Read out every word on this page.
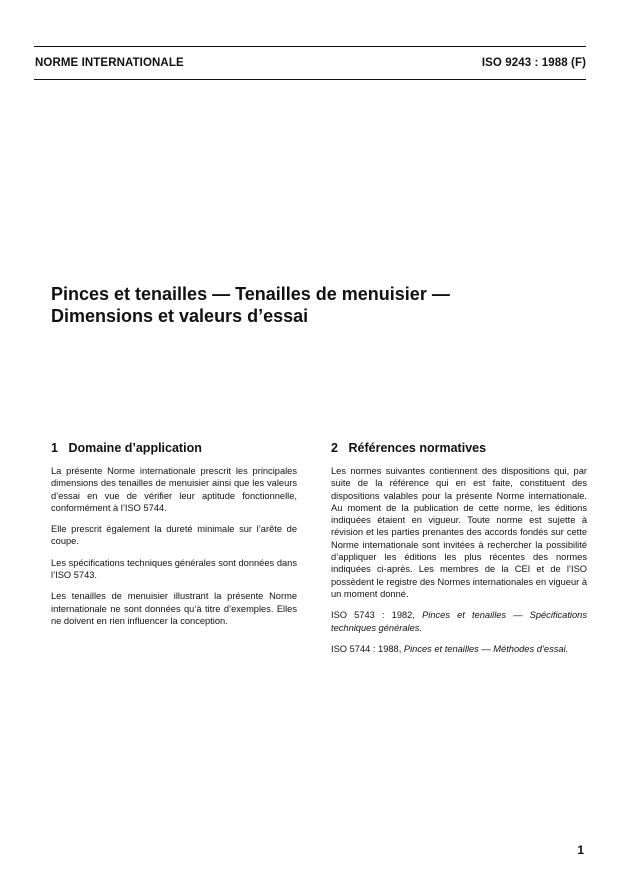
NORME INTERNATIONALE	ISO 9243 : 1988 (F)
Pinces et tenailles — Tenailles de menuisier —
Dimensions et valeurs d’essai
1 Domaine d’application

La présente Norme internationale prescrit les principales dimensions des tenailles de menuisier ainsi que les valeurs d’essai en vue de vérifier leur aptitude fonctionnelle, conformément à l’ISO 5744.

Elle prescrit également la dureté minimale sur l’arête de coupe.

Les spécifications techniques générales sont données dans l’ISO 5743.

Les tenailles de menuisier illustrant la présente Norme internationale ne sont données qu’à titre d’exemples. Elles ne doivent en rien influencer la conception.

2 Références normatives

Les normes suivantes contiennent des dispositions qui, par suite de la référence qui en est faite, constituent des dispositions valables pour la présente Norme internationale. Au moment de la publication de cette norme, les éditions indiquées étaient en vigueur. Toute norme est sujette à révision et les parties prenantes des accords fondés sur cette Norme internationale sont invitées à rechercher la possibilité d’appliquer les éditions les plus récentes des normes indiquées ci-après. Les membres de la CEI et de l’ISO possèdent le registre des Normes internationales en vigueur à un moment donné.

ISO 5743 : 1982, Pinces et tenailles — Spécifications techniques générales.

ISO 5744 : 1988, Pinces et tenailles — Méthodes d’essai.

1
